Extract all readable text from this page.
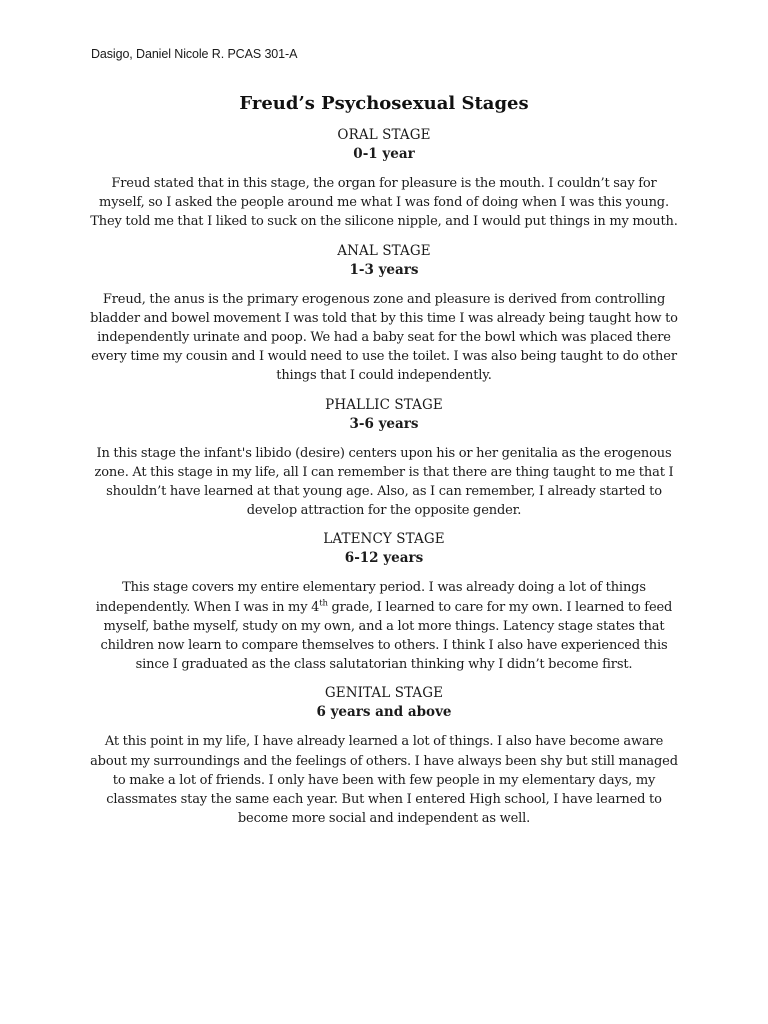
Dasigo, Daniel Nicole R. PCAS 301-A
Freud’s Psychosexual Stages
ORAL STAGE
0-1 year

Freud stated that in this stage, the organ for pleasure is the mouth. I couldn’t say for myself, so I asked the people around me what I was fond of doing when I was this young. They told me that I liked to suck on the silicone nipple, and I would put things in my mouth.

ANAL STAGE
1-3 years

Freud, the anus is the primary erogenous zone and pleasure is derived from controlling bladder and bowel movement I was told that by this time I was already being taught how to independently urinate and poop. We had a baby seat for the bowl which was placed there every time my cousin and I would need to use the toilet. I was also being taught to do other things that I could independently.

PHALLIC STAGE
3-6 years

In this stage the infant's libido (desire) centers upon his or her genitalia as the erogenous zone. At this stage in my life, all I can remember is that there are thing taught to me that I shouldn’t have learned at that young age. Also, as I can remember, I already started to develop attraction for the opposite gender.

LATENCY STAGE
6-12 years

This stage covers my entire elementary period. I was already doing a lot of things independently. When I was in my 4th grade, I learned to care for my own. I learned to feed myself, bathe myself, study on my own, and a lot more things. Latency stage states that children now learn to compare themselves to others. I think I also have experienced this since I graduated as the class salutatorian thinking why I didn’t become first.

GENITAL STAGE
6 years and above

At this point in my life, I have already learned a lot of things. I also have become aware about my surroundings and the feelings of others. I have always been shy but still managed to make a lot of friends. I only have been with few people in my elementary days, my classmates stay the same each year. But when I entered High school, I have learned to become more social and independent as well.
